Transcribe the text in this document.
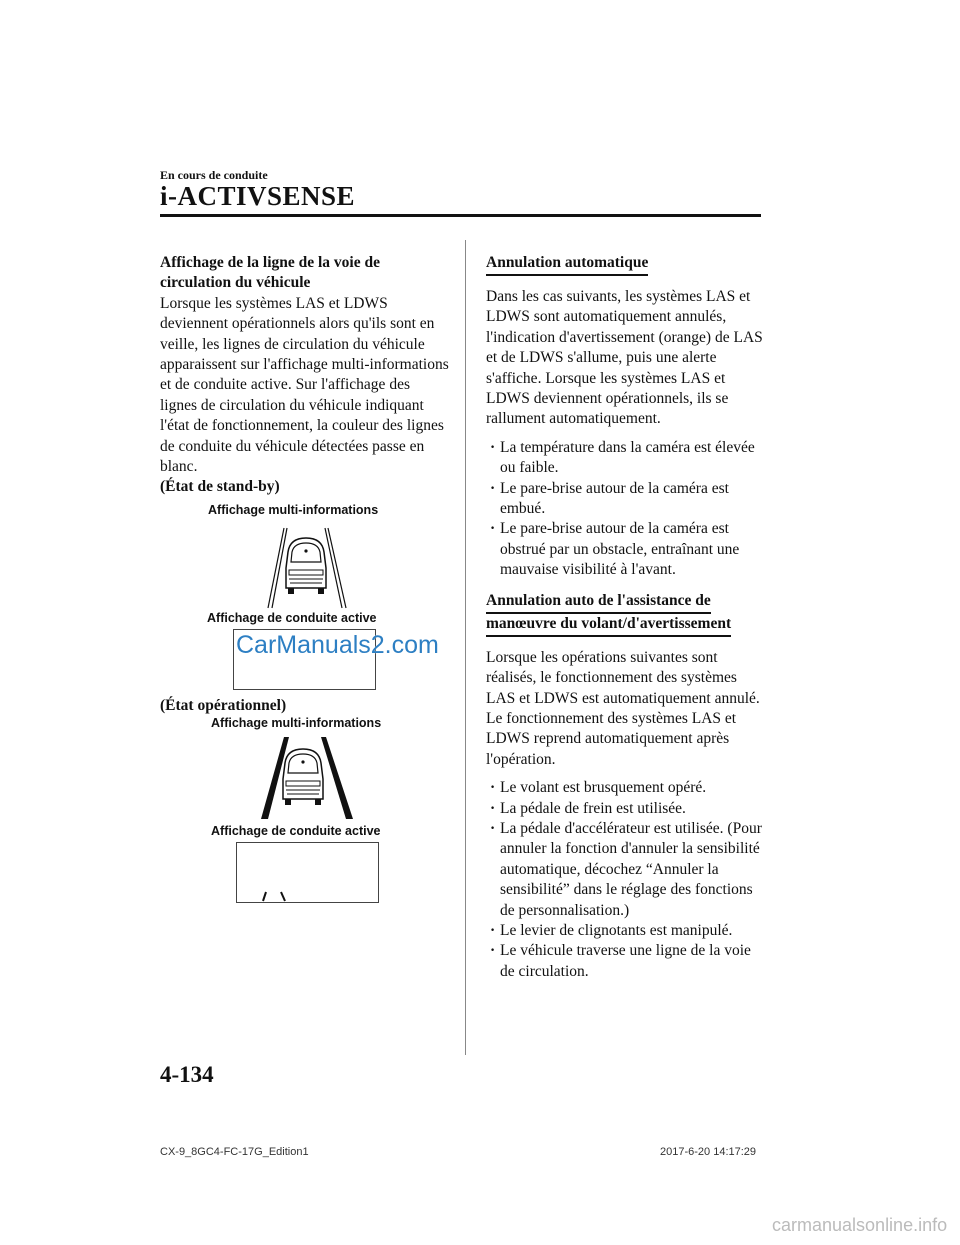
En cours de conduite
i-ACTIVSENSE

Affichage de la ligne de la voie de circulation du véhicule

Lorsque les systèmes LAS et LDWS deviennent opérationnels alors qu'ils sont en veille, les lignes de circulation du véhicule apparaissent sur l'affichage multi-informations et de conduite active. Sur l'affichage des lignes de circulation du véhicule indiquant l'état de fonctionnement, la couleur des lignes de conduite du véhicule détectées passe en blanc.

(État de stand-by)

Affichage multi-informations
Affichage de conduite active
CarManuals2.com
(État opérationnel)
Affichage multi-informations
Affichage de conduite active
Annulation automatique

Dans les cas suivants, les systèmes LAS et LDWS sont automatiquement annulés, l'indication d'avertissement (orange) de LAS et de LDWS s'allume, puis une alerte s'affiche. Lorsque les systèmes LAS et LDWS deviennent opérationnels, ils se rallument automatiquement.

· La température dans la caméra est élevée ou faible.
· Le pare-brise autour de la caméra est embué.
· Le pare-brise autour de la caméra est obstrué par un obstacle, entraînant une mauvaise visibilité à l'avant.
Annulation auto de l'assistance de
manœuvre du volant/d'avertissement

Lorsque les opérations suivantes sont réalisés, le fonctionnement des systèmes LAS et LDWS est automatiquement annulé. Le fonctionnement des systèmes LAS et LDWS reprend automatiquement après l'opération.

· Le volant est brusquement opéré.
· La pédale de frein est utilisée.
· La pédale d'accélérateur est utilisée. (Pour annuler la fonction d'annuler la sensibilité automatique, décochez “Annuler la sensibilité” dans le réglage des fonctions de personnalisation.)
· Le levier de clignotants est manipulé.
· Le véhicule traverse une ligne de la voie de circulation.
4-134
CX-9_8GC4-FC-17G_Edition1	2017-6-20 14:17:29
carmanualsonline.info
